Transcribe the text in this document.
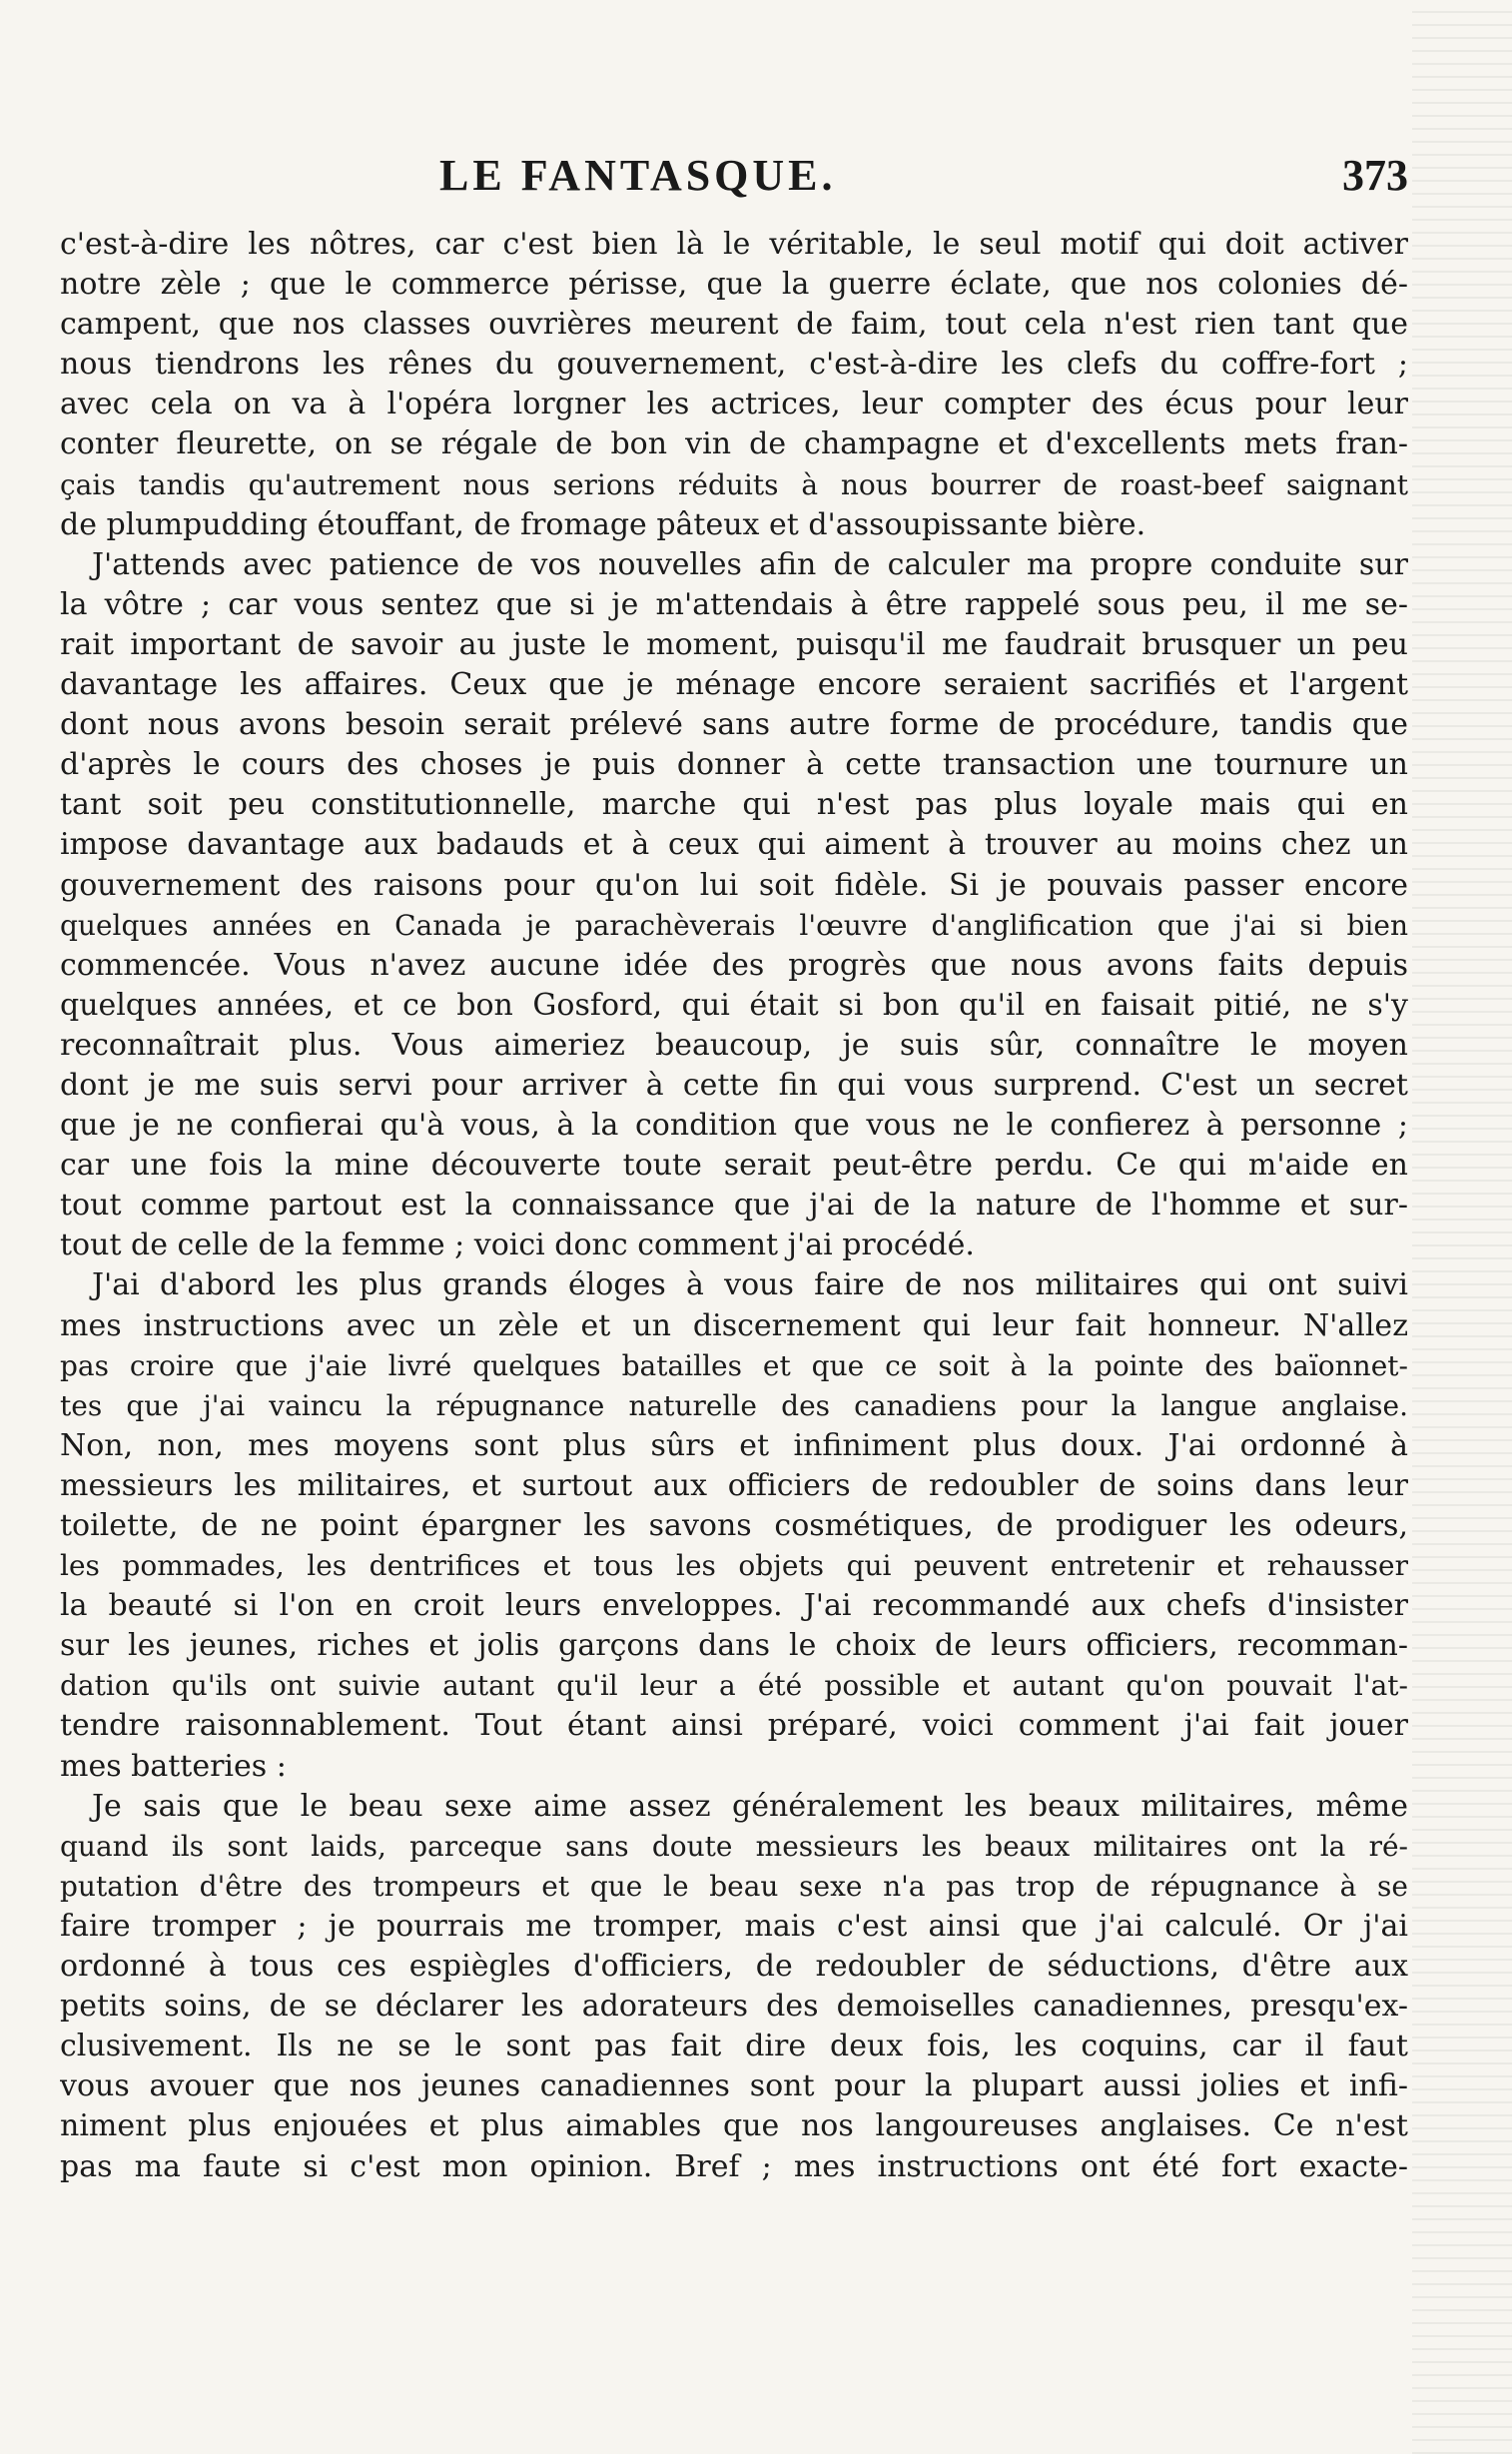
LE FANTASQUE.	373
c'est-à-dire les nôtres, car c'est bien là le véritable, le seul motif qui doit activer
notre zèle ; que le commerce périsse, que la guerre éclate, que nos colonies dé-
campent, que nos classes ouvrières meurent de faim, tout cela n'est rien tant que
nous tiendrons les rênes du gouvernement, c'est-à-dire les clefs du coffre-fort ;
avec cela on va à l'opéra lorgner les actrices, leur compter des écus pour leur
conter fleurette, on se régale de bon vin de champagne et d'excellents mets fran-
çais tandis qu'autrement nous serions réduits à nous bourrer de roast-beef saignant
de plumpudding étouffant, de fromage pâteux et d'assoupissante bière.
J'attends avec patience de vos nouvelles afin de calculer ma propre conduite sur
la vôtre ; car vous sentez que si je m'attendais à être rappelé sous peu, il me se-
rait important de savoir au juste le moment, puisqu'il me faudrait brusquer un peu
davantage les affaires. Ceux que je ménage encore seraient sacrifiés et l'argent
dont nous avons besoin serait prélevé sans autre forme de procédure, tandis que
d'après le cours des choses je puis donner à cette transaction une tournure un
tant soit peu constitutionnelle, marche qui n'est pas plus loyale mais qui en
impose davantage aux badauds et à ceux qui aiment à trouver au moins chez un
gouvernement des raisons pour qu'on lui soit fidèle. Si je pouvais passer encore
quelques années en Canada je parachèverais l'œuvre d'anglification que j'ai si bien
commencée. Vous n'avez aucune idée des progrès que nous avons faits depuis
quelques années, et ce bon Gosford, qui était si bon qu'il en faisait pitié, ne s'y
reconnaîtrait plus. Vous aimeriez beaucoup, je suis sûr, connaître le moyen
dont je me suis servi pour arriver à cette fin qui vous surprend. C'est un secret
que je ne confierai qu'à vous, à la condition que vous ne le confierez à personne ;
car une fois la mine découverte toute serait peut-être perdu. Ce qui m'aide en
tout comme partout est la connaissance que j'ai de la nature de l'homme et sur-
tout de celle de la femme ; voici donc comment j'ai procédé.
J'ai d'abord les plus grands éloges à vous faire de nos militaires qui ont suivi
mes instructions avec un zèle et un discernement qui leur fait honneur. N'allez
pas croire que j'aie livré quelques batailles et que ce soit à la pointe des baïonnet-
tes que j'ai vaincu la répugnance naturelle des canadiens pour la langue anglaise.
Non, non, mes moyens sont plus sûrs et infiniment plus doux. J'ai ordonné à
messieurs les militaires, et surtout aux officiers de redoubler de soins dans leur
toilette, de ne point épargner les savons cosmétiques, de prodiguer les odeurs,
les pommades, les dentrifices et tous les objets qui peuvent entretenir et rehausser
la beauté si l'on en croit leurs enveloppes. J'ai recommandé aux chefs d'insister
sur les jeunes, riches et jolis garçons dans le choix de leurs officiers, recomman-
dation qu'ils ont suivie autant qu'il leur a été possible et autant qu'on pouvait l'at-
tendre raisonnablement. Tout étant ainsi préparé, voici comment j'ai fait jouer
mes batteries :
Je sais que le beau sexe aime assez généralement les beaux militaires, même
quand ils sont laids, parceque sans doute messieurs les beaux militaires ont la ré-
putation d'être des trompeurs et que le beau sexe n'a pas trop de répugnance à se
faire tromper ; je pourrais me tromper, mais c'est ainsi que j'ai calculé. Or j'ai
ordonné à tous ces espiègles d'officiers, de redoubler de séductions, d'être aux
petits soins, de se déclarer les adorateurs des demoiselles canadiennes, presqu'ex-
clusivement. Ils ne se le sont pas fait dire deux fois, les coquins, car il faut
vous avouer que nos jeunes canadiennes sont pour la plupart aussi jolies et infi-
niment plus enjouées et plus aimables que nos langoureuses anglaises. Ce n'est
pas ma faute si c'est mon opinion. Bref ; mes instructions ont été fort exacte-
